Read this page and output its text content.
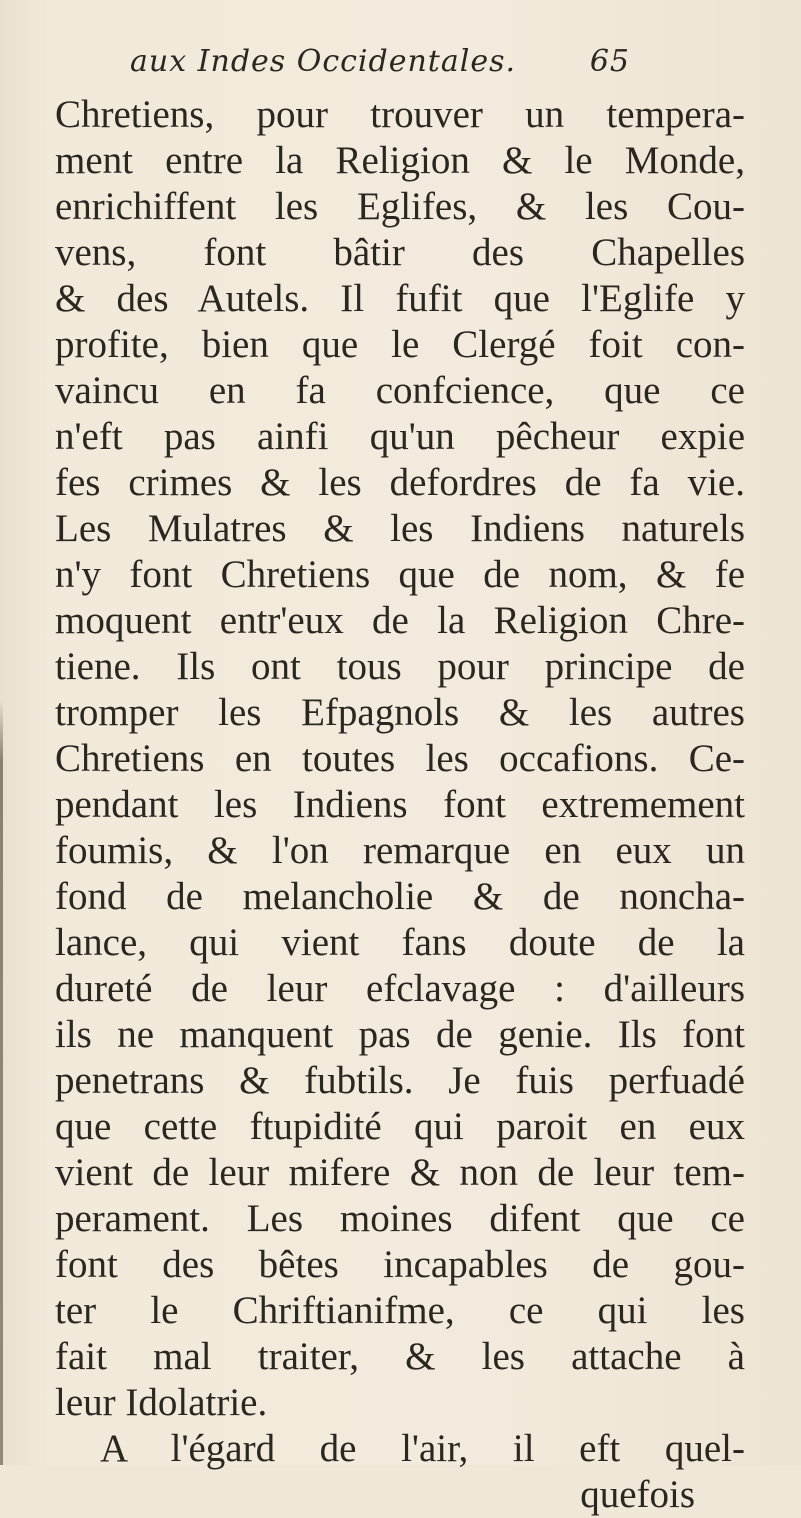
aux Indes Occidentales. 65
Chretiens, pour trouver un tempera-
ment entre la Religion & le Monde,
enrichiffent les Eglifes, & les Cou-
vens, font bâtir des Chapelles
& des Autels. Il fufit que l'Eglife y
profite, bien que le Clergé foit con-
vaincu en fa confcience, que ce
n'eft pas ainfi qu'un pêcheur expie
fes crimes & les defordres de fa vie.
Les Mulatres & les Indiens naturels
n'y font Chretiens que de nom, & fe
moquent entr'eux de la Religion Chre-
tiene. Ils ont tous pour principe de
tromper les Efpagnols & les autres
Chretiens en toutes les occafions. Ce-
pendant les Indiens font extremement
foumis, & l'on remarque en eux un
fond de melancholie & de noncha-
lance, qui vient fans doute de la
dureté de leur efclavage : d'ailleurs
ils ne manquent pas de genie. Ils font
penetrans & fubtils. Je fuis perfuadé
que cette ftupidité qui paroit en eux
vient de leur mifere & non de leur tem-
perament. Les moines difent que ce
font des bêtes incapables de gou-
ter le Chriftianifme, ce qui les
fait mal traiter, & les attache à
leur Idolatrie.
A l'égard de l'air, il eft quel-
quefois
